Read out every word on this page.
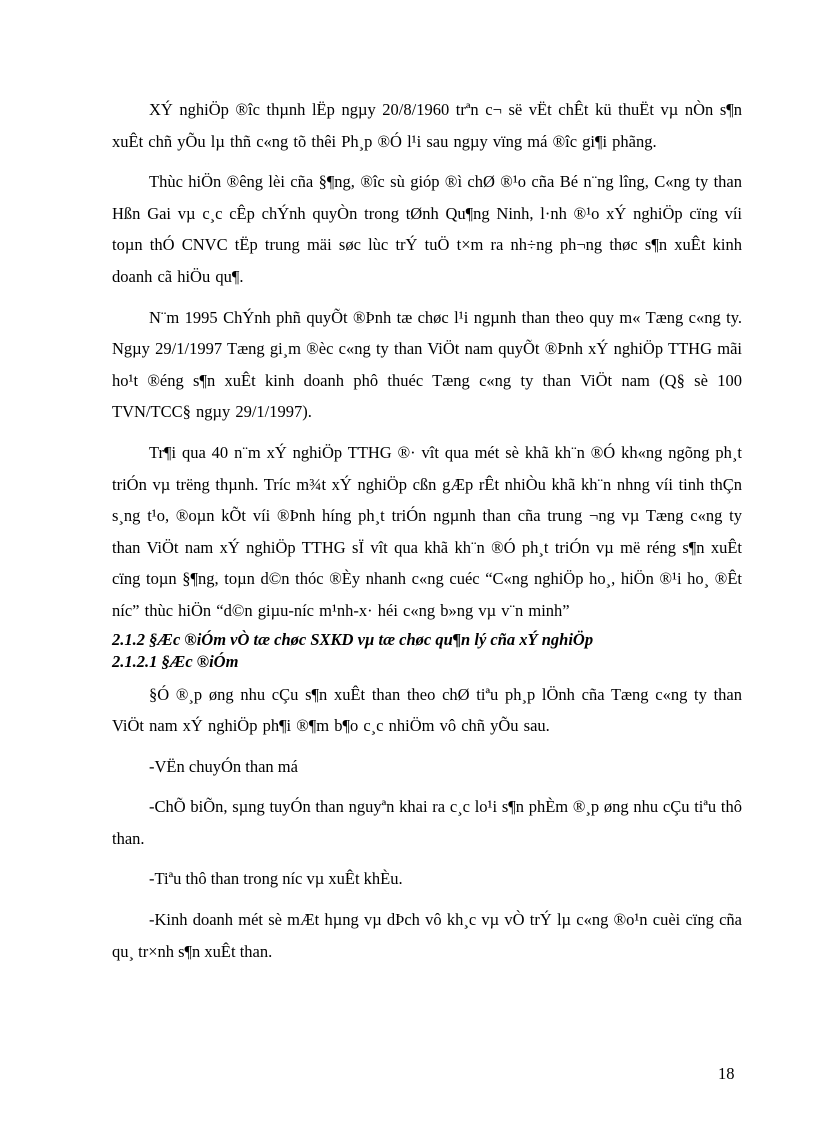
XÝ nghiÖp ®îc thµnh lËp ngµy 20/8/1960 trªn c¬ së vËt chÊt kü thuËt vµ nÒn s¶n xuÊt chñ yÕu lµ thñ c«ng tõ thêi Ph¸p ®Ó l¹i sau ngµy vïng má ®îc gi¶i phãng.

Thùc hiÖn ®êng lèi cña §¶ng, ®îc sù gióp ®ì chØ ®¹o cña Bé n¨ng lîng, C«ng ty than Hßn Gai vµ c¸c cÊp chÝnh quyÒn trong tØnh Qu¶ng Ninh, l·nh ®¹o xÝ nghiÖp cïng víi toµn thÓ CNVC tËp trung mäi søc lùc trÝ tuÖ t×m ra nh÷ng ph¬ng thøc s¶n xuÊt kinh doanh cã hiÖu qu¶.

N¨m 1995 ChÝnh phñ quyÕt ®Þnh tæ chøc l¹i ngµnh than theo quy m« Tæng c«ng ty. Ngµy 29/1/1997 Tæng gi¸m ®èc c«ng ty than ViÖt nam quyÕt ®Þnh xÝ nghiÖp TTHG mãi ho¹t ®éng s¶n xuÊt kinh doanh phô thuéc Tæng c«ng ty than ViÖt nam (Q§ sè 100 TVN/TCC§ ngµy 29/1/1997).

Tr¶i qua 40 n¨m xÝ nghiÖp TTHG ®· vît qua mét sè khã kh¨n ®Ó kh«ng ngõng ph¸t triÓn vµ trëng thµnh. Tríc m¾t xÝ nghiÖp cßn gÆp rÊt nhiÒu khã kh¨n nhng víi tinh thÇn s¸ng t¹o, ®oµn kÕt víi ®Þnh híng ph¸t triÓn ngµnh than cña trung ¬ng vµ Tæng c«ng ty than ViÖt nam xÝ nghiÖp TTHG sÏ vît qua khã kh¨n ®Ó ph¸t triÓn vµ më réng s¶n xuÊt cïng toµn §¶ng, toµn d©n thóc ®Èy nhanh c«ng cuéc “C«ng nghiÖp ho¸, hiÖn ®¹i ho¸ ®Êt níc” thùc hiÖn “d©n giµu-níc m¹nh-x· héi c«ng b»ng vµ v¨n minh”

2.1.2 §Æc ®iÓm vÒ tæ chøc SXKD vµ tæ chøc qu¶n lý cña xÝ nghiÖp
2.1.2.1 §Æc ®iÓm

§Ó ®¸p øng nhu cÇu s¶n xuÊt than theo chØ tiªu ph¸p lÖnh cña Tæng c«ng ty than ViÖt nam xÝ nghiÖp ph¶i ®¶m b¶o c¸c nhiÖm vô chñ yÕu sau.

-VËn chuyÓn than má

-ChÕ biÕn, sµng tuyÓn than nguyªn khai ra c¸c lo¹i s¶n phÈm ®¸p øng nhu cÇu tiªu thô than.

-Tiªu thô than trong níc vµ xuÊt khÈu.

-Kinh doanh mét sè mÆt hµng vµ dÞch vô kh¸c vµ vÒ trÝ lµ c«ng ®o¹n cuèi cïng cña qu¸ tr×nh s¶n xuÊt than.

18
